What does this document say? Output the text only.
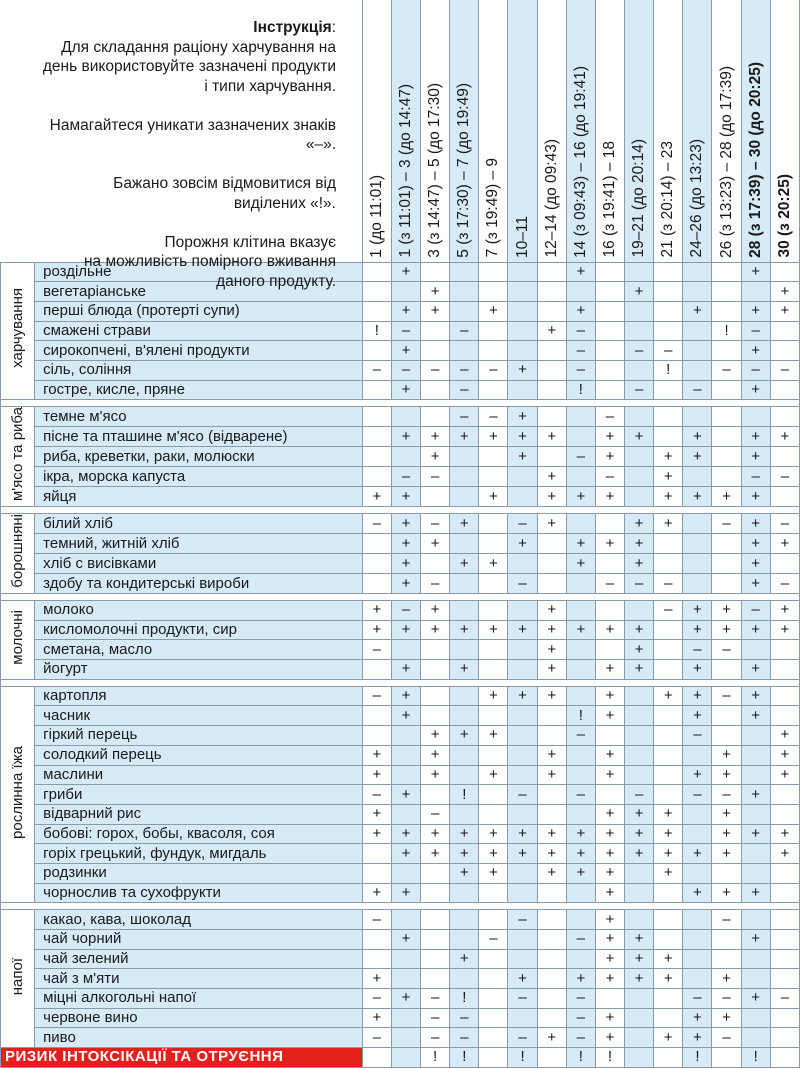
		1 (до 11:01)	1 (з 11:01) – 3 (до 14:47)	3 (з 14:47) – 5 (до 17:30)	5 (з 17:30) – 7 (до 19:49)	7 (з 19:49) – 9	10–11	12–14 (до 09:43)	14 (з 09:43) – 16 (до 19:41)	16 (з 19:41) – 18	19–21 (до 20:14)	21 (з 20:14) – 23	24–26 (до 13:23)	26 (з 13:23) – 28 (до 17:39)	28 (з 17:39) – 30 (до 20:25)	30 (з 20:25)

харчування	роздільне		+						+						+	
	вегетаріанське			+							+					+
	перші блюда (протерті супи)		+	+		+			+				+		+	+
	смажені страви	!	–		–			+	–					!	–	
	сирокопчені, в'ялені продукти		+						–		–	–			+	
	сіль, соління	–	–	–	–	–	+		–			!		–	–	–
	гостре, кисле, пряне		+		–				!		–		–		+	

м'ясо та риба	темне м'ясо				–	–	+			–						
	пісне та пташине м'ясо (відварене)		+	+	+	+	+	+		+	+		+		+	+
	риба, креветки, раки, молюски			+			+		–	+		+	+		+	
	ікра, морска капуста		–	–				+		–		+			–	–
	яйця	+	+			+		+	+	+		+	+	+	+	

борошняні	білий хліб	–	+	–	+		–	+			+	+		–	+	–
	темний, житній хліб		+	+			+		+	+	+				+	+
	хліб с висівками		+		+	+			+		+				+	
	здобу та кондитерські вироби		+	–			–			–	–	–			+	–

молочні	молоко	+	–	+				+				–	+	+	–	+
	кисломолочні продукти, сир	+	+	+	+	+	+	+	+	+	+		+	+	+	+
	сметана, масло	–						+			+		–	–		
	йогурт		+		+			+		+	+		+		+	

рослинна їжа	картопля	–	+			+	+	+		+		+	+	–	+	
	часник		+						!	+			+		+	
	гіркий перець			+	+	+			–				–			+
	солодкий перець	+		+				+		+				+		+
	маслини	+		+		+		+		+			+	+		+
	гриби	–	+		!		–		–		–		–	–	+	
	відварний рис	+		–						+	+	+		+		
	бобові: горох, бобы, квасоля, соя	+	+	+	+	+	+	+	+	+	+	+		+	+	+
	горіх грецький, фундук, мигдаль		+	+	+	+	+	+	+	+	+	+	+	+		+
	родзинки				+	+		+	+	+		+				
	чорнослив та сухофрукти	+	+							+			+	+	+	

напої	какао, кава, шоколад	–					–			+				–		
	чай чорний		+			–			–	+	+				+	
	чай зелений				+					+	+	+				
	чай з м'яти	+					+		+	+	+	+		+		
	міцні алкогольні напої	–	+	–	!		–		–				–	–	+	–
	червоне вино	+		–	–				–	+			+	+		
	пиво	–		–	–		–	+	–	+		+	+	–		
РИЗИК ІНТОКСІКАЦІЇ ТА ОТРУЄННЯ				!	!		!		!	!			!		!	

Інструкція:

Для складання раціону харчування на
день використовуйте зазначені продукти
і типи харчування.

Намагайтеся уникати зазначених знаків
«–».

Бажано зовсім відмовитися від
виділених «!».

Порожня клітина вказує
на можливість помірного вживання
даного продукту.
